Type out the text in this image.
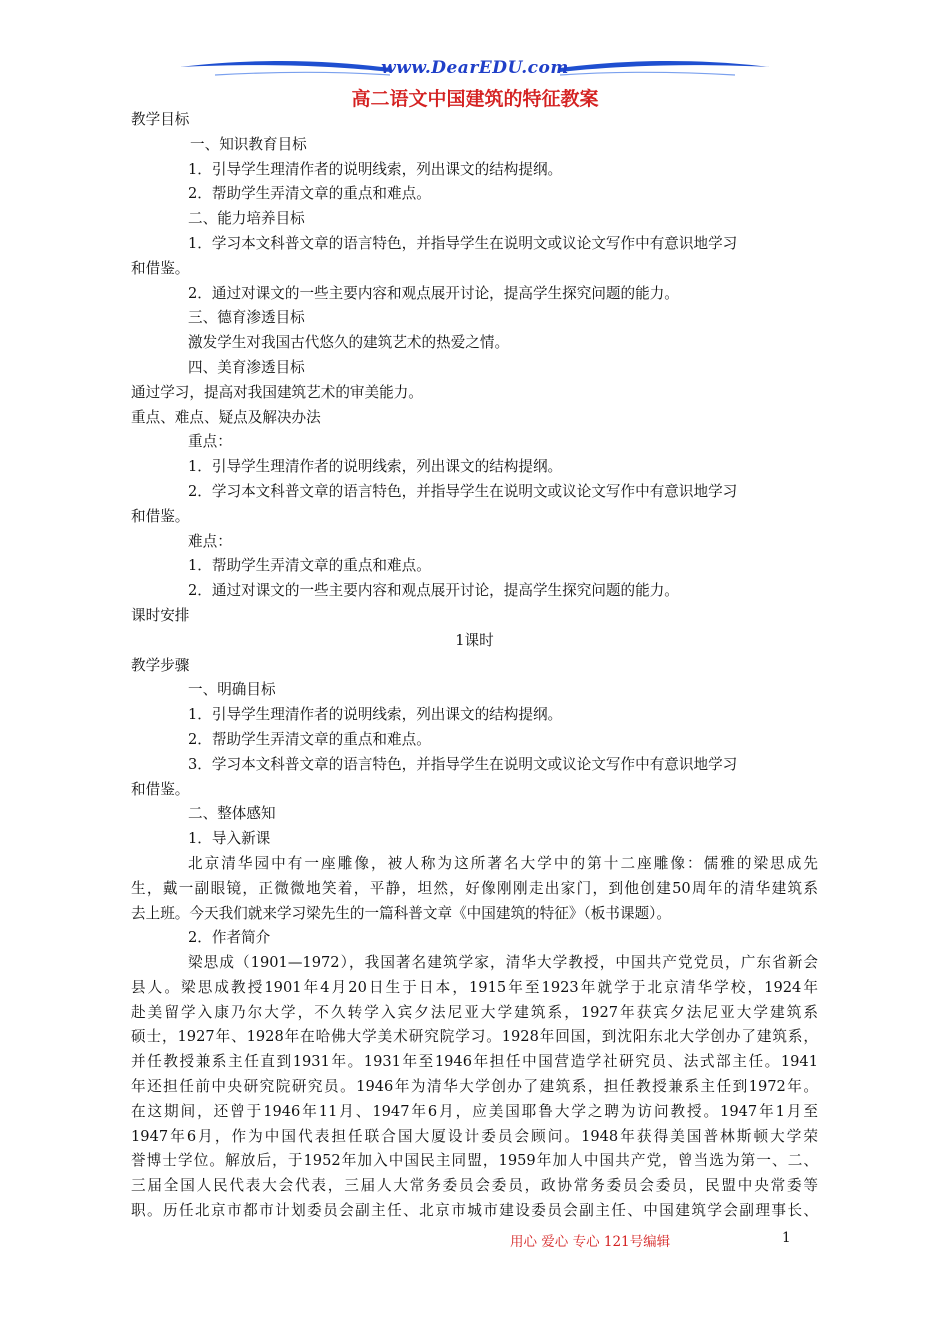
www.DearEDU.com
高二语文中国建筑的特征教案
教学目标
一、知识教育目标
1．引导学生理清作者的说明线索，列出课文的结构提纲。
2．帮助学生弄清文章的重点和难点。
二、能力培养目标
1．学习本文科普文章的语言特色，并指导学生在说明文或议论文写作中有意识地学习
和借鉴。
2．通过对课文的一些主要内容和观点展开讨论，提高学生探究问题的能力。
三、德育渗透目标
激发学生对我国古代悠久的建筑艺术的热爱之情。
四、美育渗透目标
通过学习，提高对我国建筑艺术的审美能力。
重点、难点、疑点及解决办法
重点：
1．引导学生理清作者的说明线索，列出课文的结构提纲。
2．学习本文科普文章的语言特色，并指导学生在说明文或议论文写作中有意识地学习
和借鉴。
难点：
1．帮助学生弄清文章的重点和难点。
2．通过对课文的一些主要内容和观点展开讨论，提高学生探究问题的能力。
课时安排
1课时
教学步骤
一、明确目标
1．引导学生理清作者的说明线索，列出课文的结构提纲。
2．帮助学生弄清文章的重点和难点。
3．学习本文科普文章的语言特色，并指导学生在说明文或议论文写作中有意识地学习
和借鉴。
二、整体感知
1．导入新课
北京清华园中有一座雕像，被人称为这所著名大学中的第十二座雕像：儒雅的梁思成先
生，戴一副眼镜，正微微地笑着，平静，坦然，好像刚刚走出家门，到他创建50周年的清华建筑系
去上班。今天我们就来学习梁先生的一篇科普文章《中国建筑的特征》（板书课题）。
2．作者简介
梁思成（1901—1972），我国著名建筑学家，清华大学教授，中国共产党党员，广东省新会
县人。梁思成教授1901年4月20日生于日本，1915年至1923年就学于北京清华学校，1924年
赴美留学入康乃尔大学，不久转学入宾夕法尼亚大学建筑系，1927年获宾夕法尼亚大学建筑系
硕士，1927年、1928年在哈佛大学美术研究院学习。1928年回国，到沈阳东北大学创办了建筑系，
并任教授兼系主任直到1931年。1931年至1946年担任中国营造学社研究员、法式部主任。1941
年还担任前中央研究院研究员。1946年为清华大学创办了建筑系，担任教授兼系主任到1972年。
在这期间，还曾于1946年11月、1947年6月，应美国耶鲁大学之聘为访问教授。1947年1月至
1947年6月，作为中国代表担任联合国大厦设计委员会顾问。1948年获得美国普林斯顿大学荣
誉博士学位。解放后，于1952年加入中国民主同盟，1959年加人中国共产党，曾当选为第一、二、
三届全国人民代表大会代表，三届人大常务委员会委员，政协常务委员会委员，民盟中央常委等
职。历任北京市都市计划委员会副主任、北京市城市建设委员会副主任、中国建筑学会副理事长、
用心 爱心 专心 121号编辑	1
